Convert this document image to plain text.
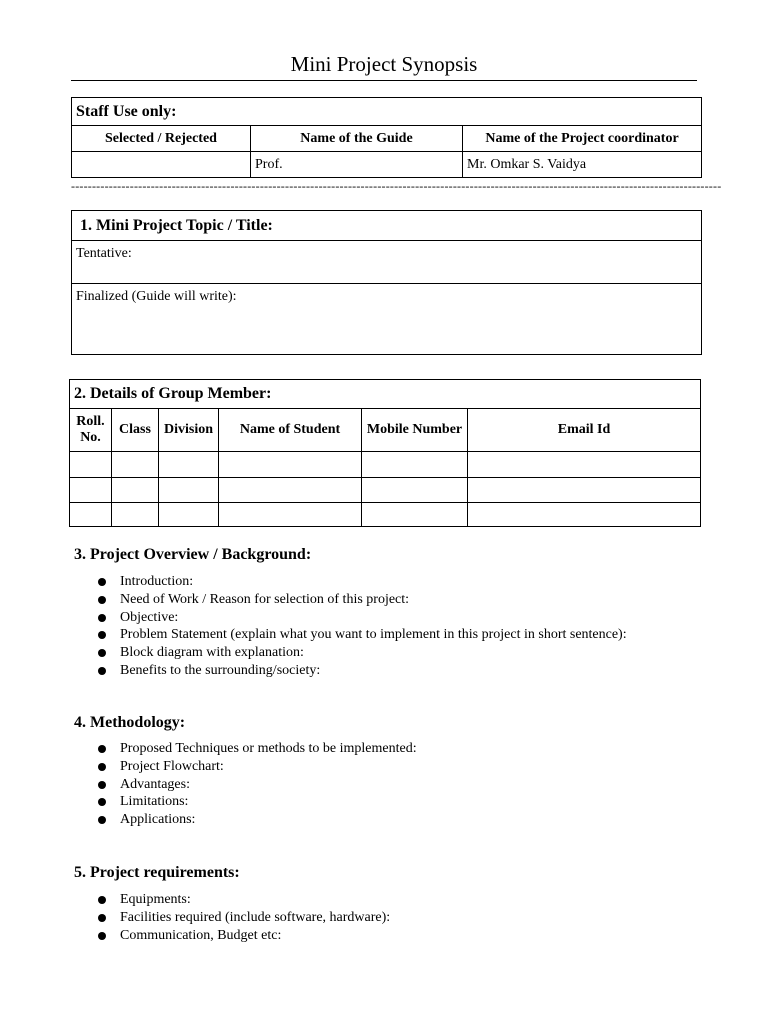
Mini Project Synopsis
Staff Use only:		
Selected / Rejected	Name of the Guide	Name of the Project coordinator
	Prof.	Mr. Omkar S. Vaidya
-----------------------------------------------------------------------------------------------------------------------------------------------------------
1. Mini Project Topic / Title:
Tentative:
Finalized (Guide will write):
2. Details of Group Member:					
Roll. No.	Class	Division	Name of Student	Mobile Number	Email Id

3. Project Overview / Background:
Introduction:
Need of Work / Reason for selection of this project:
Objective:
Problem Statement (explain what you want to implement in this project in short sentence):
Block diagram with explanation:
Benefits to the surrounding/society:
4. Methodology:
Proposed Techniques or methods to be implemented:
Project Flowchart:
Advantages:
Limitations:
Applications:
5. Project requirements:
Equipments:
Facilities required (include software, hardware):
Communication, Budget etc:
